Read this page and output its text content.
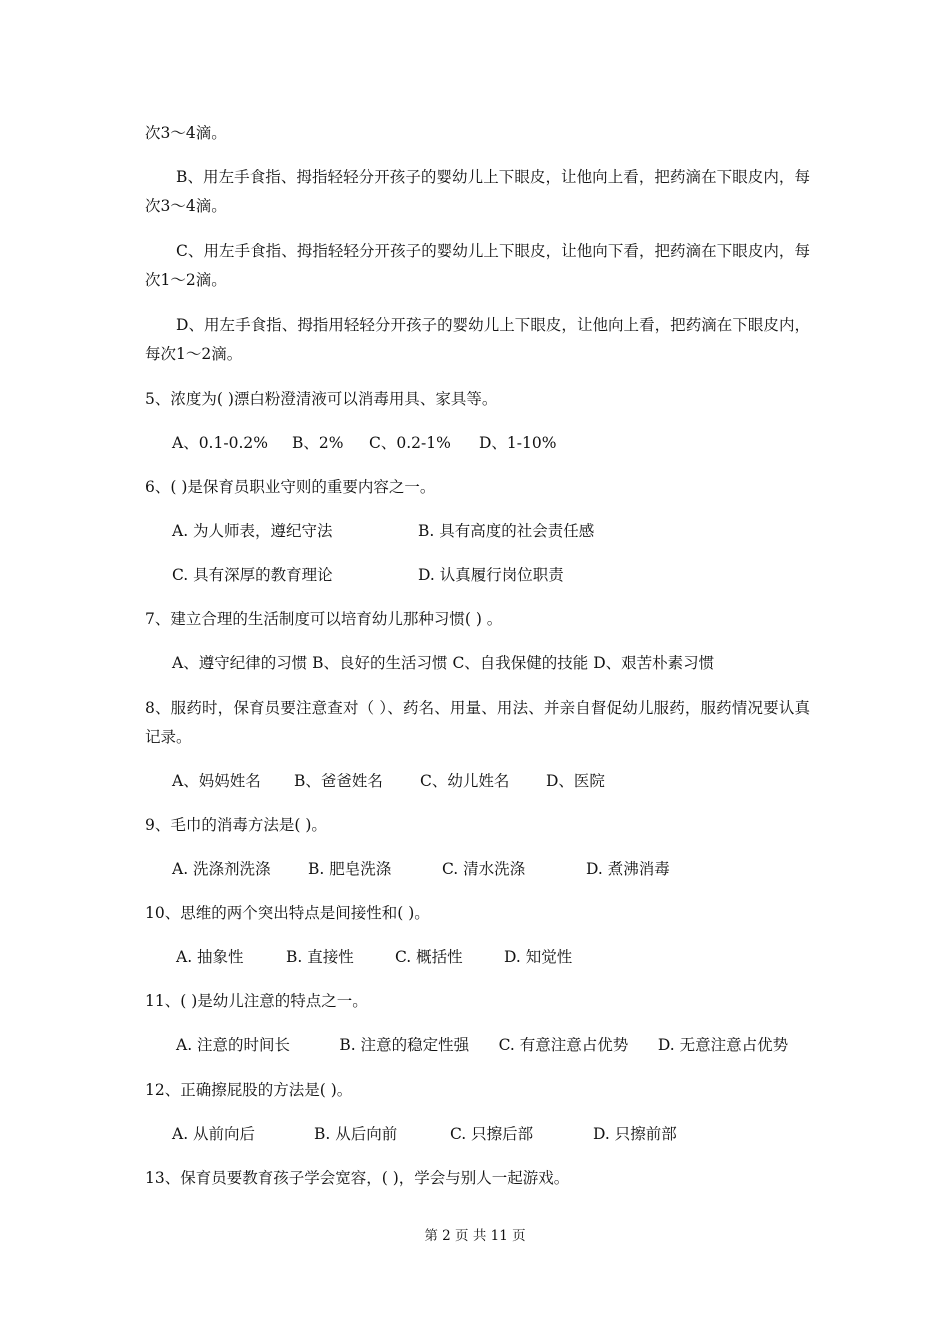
次3～4滴。
B、用左手食指、拇指轻轻分开孩子的婴幼儿上下眼皮，让他向上看，把药滴在下眼皮内，每次3～4滴。
C、用左手食指、拇指轻轻分开孩子的婴幼儿上下眼皮，让他向下看，把药滴在下眼皮内，每次1～2滴。
D、用左手食指、拇指用轻轻分开孩子的婴幼儿上下眼皮，让他向上看，把药滴在下眼皮内，每次1～2滴。
5、浓度为( )漂白粉澄清液可以消毒用具、家具等。
A、0.1-0.2%	B、2%	C、0.2-1%	D、1-10%
6、( )是保育员职业守则的重要内容之一。
A. 为人师表，遵纪守法	B. 具有高度的社会责任感
C. 具有深厚的教育理论	D. 认真履行岗位职责
7、建立合理的生活制度可以培育幼儿那种习惯( ) 。
A、遵守纪律的习惯 B、良好的生活习惯 C、自我保健的技能 D、艰苦朴素习惯
8、服药时，保育员要注意查对（ ）、药名、用量、用法、并亲自督促幼儿服药，服药情况要认真记录。
A、妈妈姓名	B、爸爸姓名	C、幼儿姓名	D、医院
9、毛巾的消毒方法是( )。
A. 洗涤剂洗涤	B. 肥皂洗涤	C. 清水洗涤	D. 煮沸消毒
10、思维的两个突出特点是间接性和( )。
A. 抽象性	B. 直接性	C. 概括性	D. 知觉性
11、( )是幼儿注意的特点之一。
A. 注意的时间长          B. 注意的稳定性强      C. 有意注意占优势      D. 无意注意占优势
12、正确擦屁股的方法是( )。
A. 从前向后	B. 从后向前	C. 只擦后部	D. 只擦前部
13、保育员要教育孩子学会宽容，( )，学会与别人一起游戏。
第 2 页 共 11 页
